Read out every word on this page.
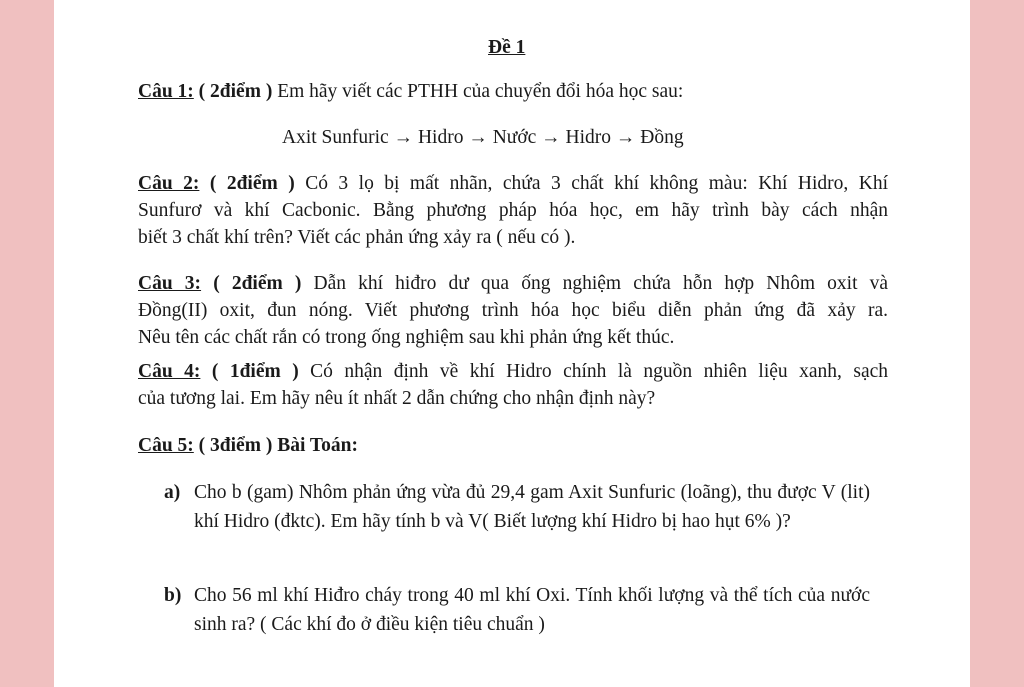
Đề 1
Câu 1: ( 2điểm ) Em hãy viết các PTHH của chuyển đổi hóa học sau:
Axit Sunfuric → Hidro → Nước → Hidro → Đồng
Câu 2: ( 2điểm ) Có 3 lọ bị mất nhãn, chứa 3 chất khí không màu: Khí Hidro, Khí
Sunfurơ và khí Cacbonic. Bằng phương pháp hóa học, em hãy trình bày cách nhận
biết 3 chất khí trên? Viết các phản ứng xảy ra ( nếu có ).
Câu 3: ( 2điểm ) Dẫn khí hiđro dư qua ống nghiệm chứa hỗn hợp Nhôm oxit và
Đồng(II) oxit, đun nóng. Viết phương trình hóa học biểu diễn phản ứng đã xảy ra.
Nêu tên các chất rắn có trong ống nghiệm sau khi phản ứng kết thúc.
Câu 4: ( 1điểm ) Có nhận định về khí Hidro chính là nguồn nhiên liệu xanh, sạch
của tương lai. Em hãy nêu ít nhất 2 dẫn chứng cho nhận định này?
Câu 5: ( 3điểm ) Bài Toán:
a) Cho b (gam) Nhôm phản ứng vừa đủ 29,4 gam Axit Sunfuric (loãng), thu được V (lit) khí Hidro (đktc). Em hãy tính b và V( Biết lượng khí Hidro bị hao hụt 6% )?
b) Cho 56 ml khí Hiđro cháy trong 40 ml khí Oxi. Tính khối lượng và thể tích của nước sinh ra? ( Các khí đo ở điều kiện tiêu chuẩn )
